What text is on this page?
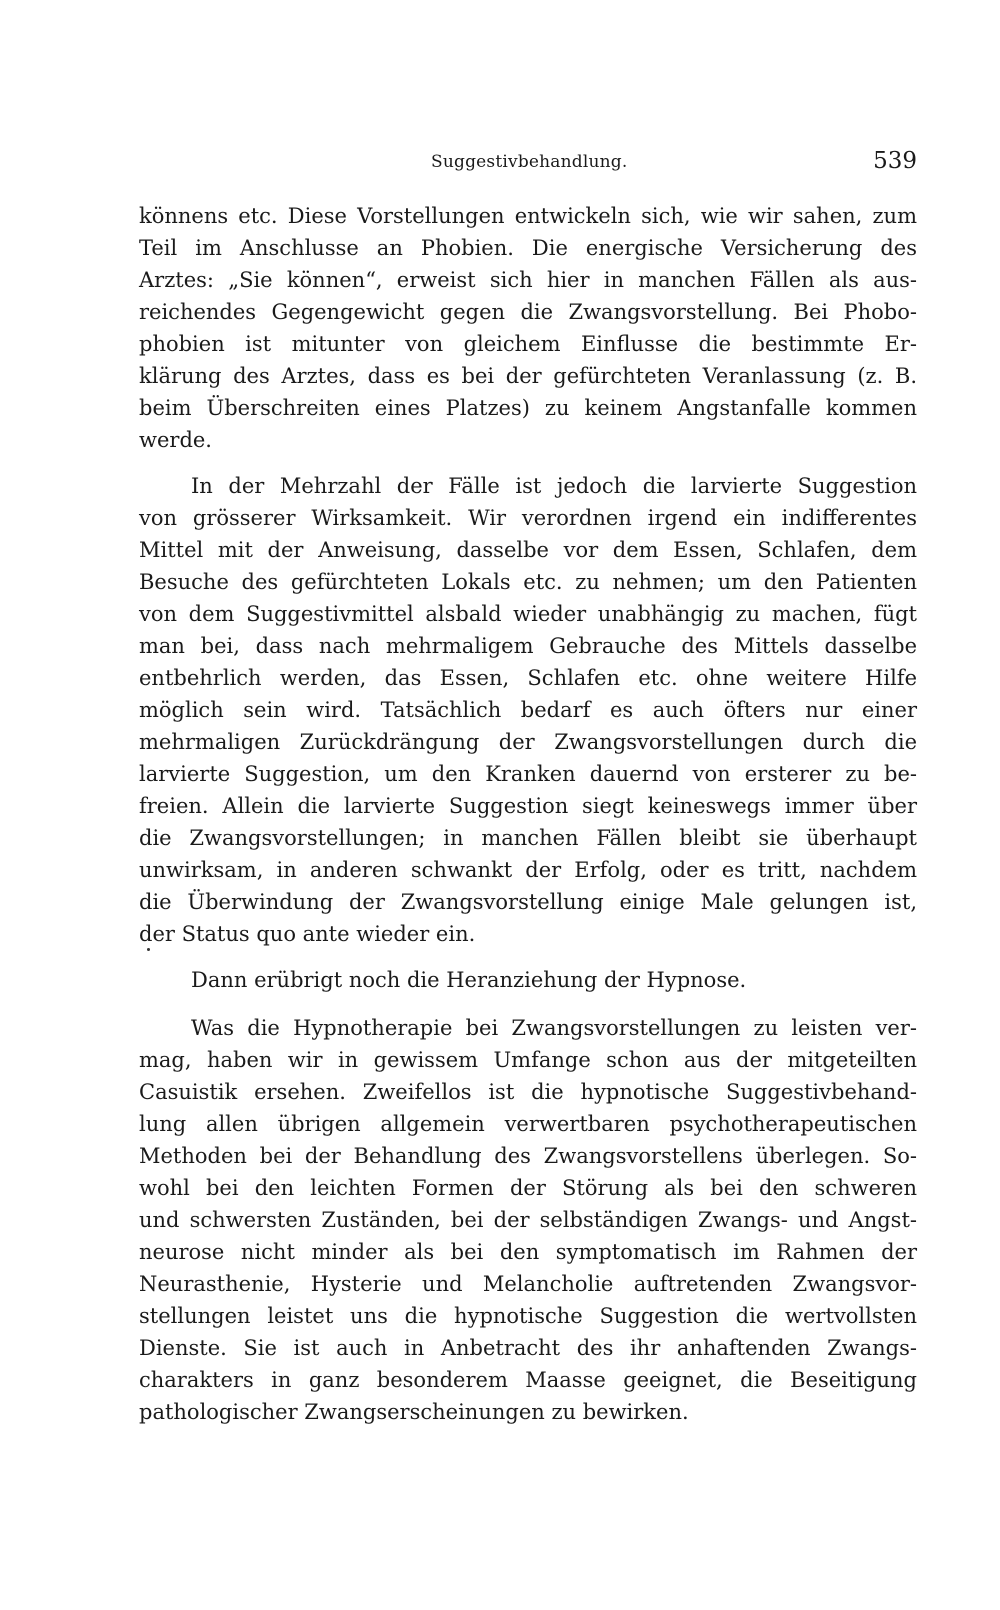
Suggestivbehandlung.	539
könnens etc. Diese Vorstellungen entwickeln sich, wie wir sahen, zum
Teil im Anschlusse an Phobien. Die energische Versicherung des
Arztes: „Sie können“, erweist sich hier in manchen Fällen als aus-
reichendes Gegengewicht gegen die Zwangsvorstellung. Bei Phobo-
phobien ist mitunter von gleichem Einflusse die bestimmte Er-
klärung des Arztes, dass es bei der gefürchteten Veranlassung (z. B.
beim Überschreiten eines Platzes) zu keinem Angstanfalle kommen
werde.
In der Mehrzahl der Fälle ist jedoch die larvierte Suggestion
von grösserer Wirksamkeit. Wir verordnen irgend ein indifferentes
Mittel mit der Anweisung, dasselbe vor dem Essen, Schlafen, dem
Besuche des gefürchteten Lokals etc. zu nehmen; um den Patienten
von dem Suggestivmittel alsbald wieder unabhängig zu machen, fügt
man bei, dass nach mehrmaligem Gebrauche des Mittels dasselbe
entbehrlich werden, das Essen, Schlafen etc. ohne weitere Hilfe
möglich sein wird. Tatsächlich bedarf es auch öfters nur einer
mehrmaligen Zurückdrängung der Zwangsvorstellungen durch die
larvierte Suggestion, um den Kranken dauernd von ersterer zu be-
freien. Allein die larvierte Suggestion siegt keineswegs immer über
die Zwangsvorstellungen; in manchen Fällen bleibt sie überhaupt
unwirksam, in anderen schwankt der Erfolg, oder es tritt, nachdem
die Überwindung der Zwangsvorstellung einige Male gelungen ist,
der Status quo ante wieder ein.
Dann erübrigt noch die Heranziehung der Hypnose.
Was die Hypnotherapie bei Zwangsvorstellungen zu leisten ver-
mag, haben wir in gewissem Umfange schon aus der mitgeteilten
Casuistik ersehen. Zweifellos ist die hypnotische Suggestivbehand-
lung allen übrigen allgemein verwertbaren psychotherapeutischen
Methoden bei der Behandlung des Zwangsvorstellens überlegen. So-
wohl bei den leichten Formen der Störung als bei den schweren
und schwersten Zuständen, bei der selbständigen Zwangs- und Angst-
neurose nicht minder als bei den symptomatisch im Rahmen der
Neurasthenie, Hysterie und Melancholie auftretenden Zwangsvor-
stellungen leistet uns die hypnotische Suggestion die wertvollsten
Dienste. Sie ist auch in Anbetracht des ihr anhaftenden Zwangs-
charakters in ganz besonderem Maasse geeignet, die Beseitigung
pathologischer Zwangserscheinungen zu bewirken.
